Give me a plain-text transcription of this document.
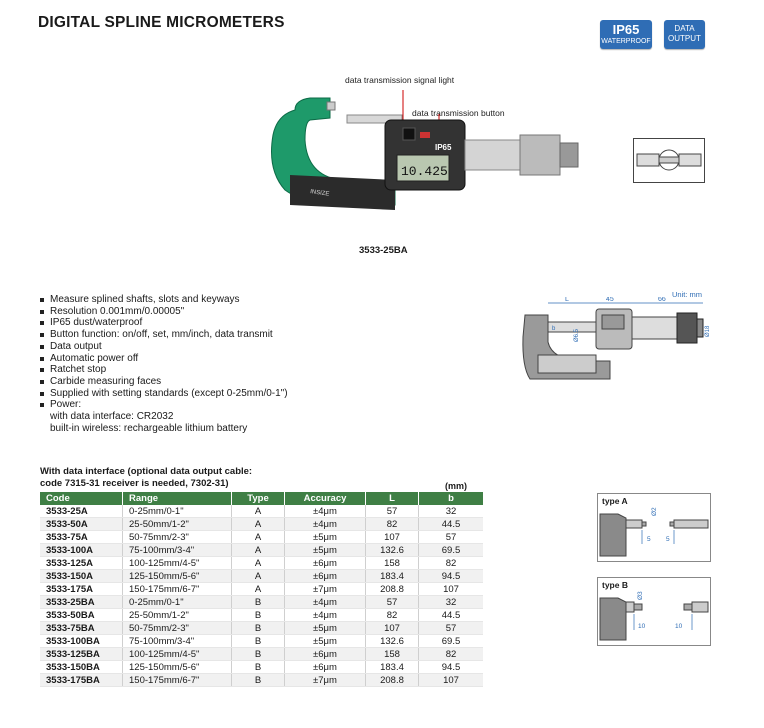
DIGITAL SPLINE MICROMETERS	IP65
WATERPROOF
DATA
OUTPUT
data transmission signal light
data transmission button
INSIZE
10.425
IP65
3533-25BA
Measure splined shafts, slots and keyways
Resolution 0.001mm/0.00005"
IP65 dust/waterproof
Button function: on/off, set, mm/inch, data transmit
Data output
Automatic power off
Ratchet stop
Carbide measuring faces
Supplied with setting standards (except 0-25mm/0-1")
Power:
with data interface: CR2032
built-in wireless: rechargeable lithium battery
Unit: mm
L	45	66
b	Ø6.5	Ø18
With data interface (optional data output cable:
code 7315-31 receiver is needed, 7302-31)	(mm)
Code	Range	Type	Accuracy	L	b
3533-25A	0-25mm/0-1"	A	±4μm	57	32
3533-50A	25-50mm/1-2"	A	±4μm	82	44.5
3533-75A	50-75mm/2-3"	A	±5μm	107	57
3533-100A	75-100mm/3-4"	A	±5μm	132.6	69.5
3533-125A	100-125mm/4-5"	A	±6μm	158	82
3533-150A	125-150mm/5-6"	A	±6μm	183.4	94.5
3533-175A	150-175mm/6-7"	A	±7μm	208.8	107
3533-25BA	0-25mm/0-1"	B	±4μm	57	32
3533-50BA	25-50mm/1-2"	B	±4μm	82	44.5
3533-75BA	50-75mm/2-3"	B	±5μm	107	57
3533-100BA	75-100mm/3-4"	B	±5μm	132.6	69.5
3533-125BA	100-125mm/4-5"	B	±6μm	158	82
3533-150BA	125-150mm/5-6"	B	±6μm	183.4	94.5
3533-175BA	150-175mm/6-7"	B	±7μm	208.8	107
type A
5 5
Ø2
type B
10	10
Ø3
